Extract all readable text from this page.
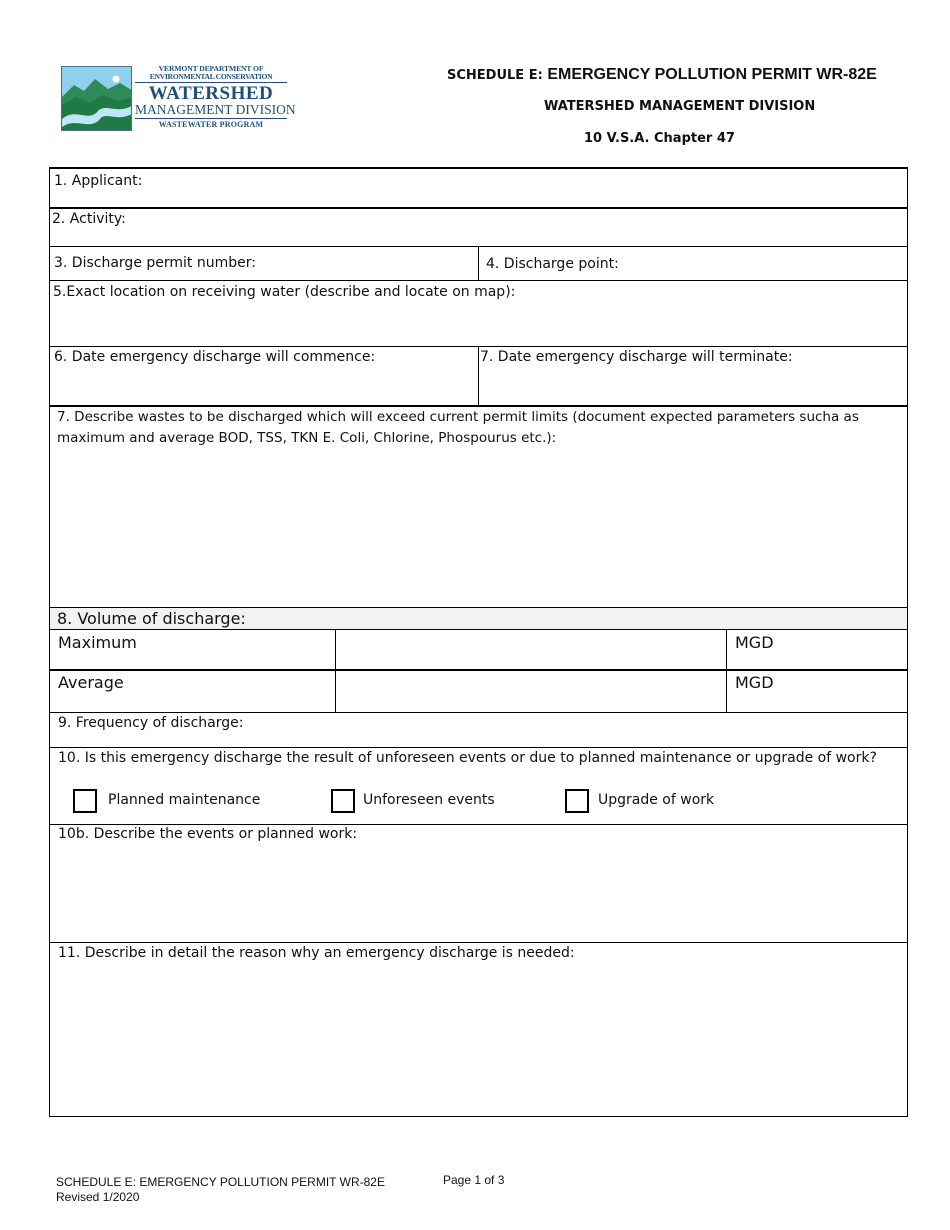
VERMONT DEPARTMENT OF
ENVIRONMENTAL CONSERVATION
WATERSHED
MANAGEMENT DIVISION
WASTEWATER PROGRAM
SCHEDULE E: EMERGENCY POLLUTION PERMIT WR-82E
WATERSHED MANAGEMENT DIVISION
10 V.S.A. Chapter 47
1. Applicant:
2. Activity:
3. Discharge permit number:	4. Discharge point:
5.Exact location on receiving water (describe and locate on map):
6. Date emergency discharge will commence:	7. Date emergency discharge will terminate:
7. Describe wastes to be discharged which will exceed current permit limits (document expected parameters sucha as maximum and average BOD, TSS, TKN E. Coli, Chlorine, Phospourus etc.):
8. Volume of discharge:
Maximum	MGD
Average	MGD
9. Frequency of discharge:
10. Is this emergency discharge the result of unforeseen events or due to planned maintenance or upgrade of work?
Planned maintenance	Unforeseen events	Upgrade of work
10b. Describe the events or planned work:
11. Describe in detail the reason why an emergency discharge is needed:
SCHEDULE E: EMERGENCY POLLUTION PERMIT WR-82E
Revised 1/2020
Page 1 of 3
